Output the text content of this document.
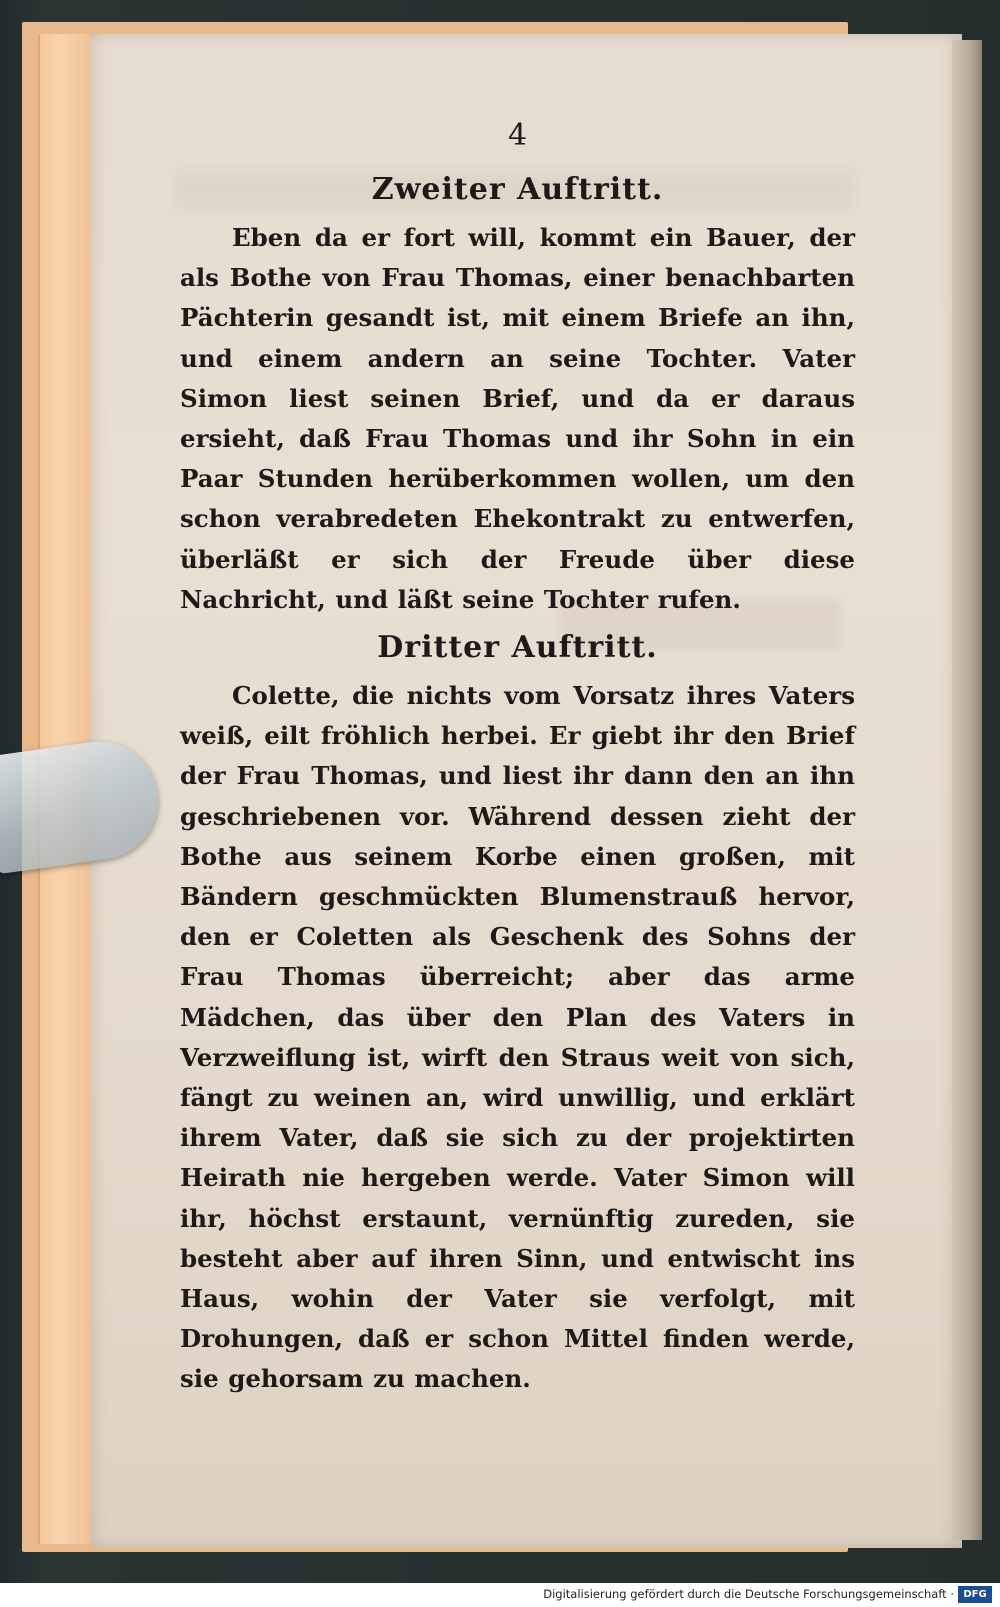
4

Zweiter Auftritt.

Eben da er fort will, kommt ein Bauer, der als Bothe von Frau Thomas, einer benachbarten Pächterin gesandt ist, mit einem Briefe an ihn, und einem andern an seine Tochter. Vater Simon liest seinen Brief, und da er daraus ersieht, daß Frau Thomas und ihr Sohn in ein Paar Stunden herüberkommen wollen, um den schon verabredeten Ehekontrakt zu entwerfen, überläßt er sich der Freude über diese Nachricht, und läßt seine Tochter rufen.

Dritter Auftritt.

Colette, die nichts vom Vorsatz ihres Vaters weiß, eilt fröhlich herbei. Er giebt ihr den Brief der Frau Thomas, und liest ihr dann den an ihn geschriebenen vor. Während dessen zieht der Bothe aus seinem Korbe einen großen, mit Bändern geschmückten Blumenstrauß hervor, den er Coletten als Geschenk des Sohns der Frau Thomas überreicht; aber das arme Mädchen, das über den Plan des Vaters in Verzweiflung ist, wirft den Straus weit von sich, fängt zu weinen an, wird unwillig, und erklärt ihrem Vater, daß sie sich zu der projektirten Heirath nie hergeben werde. Vater Simon will ihr, höchst erstaunt, vernünftig zureden, sie besteht aber auf ihren Sinn, und entwischt ins Haus, wohin der Vater sie verfolgt, mit Drohungen, daß er schon Mittel finden werde, sie gehorsam zu machen.

Digitalisierung gefördert durch die Deutsche Forschungsgemeinschaft · DFG
